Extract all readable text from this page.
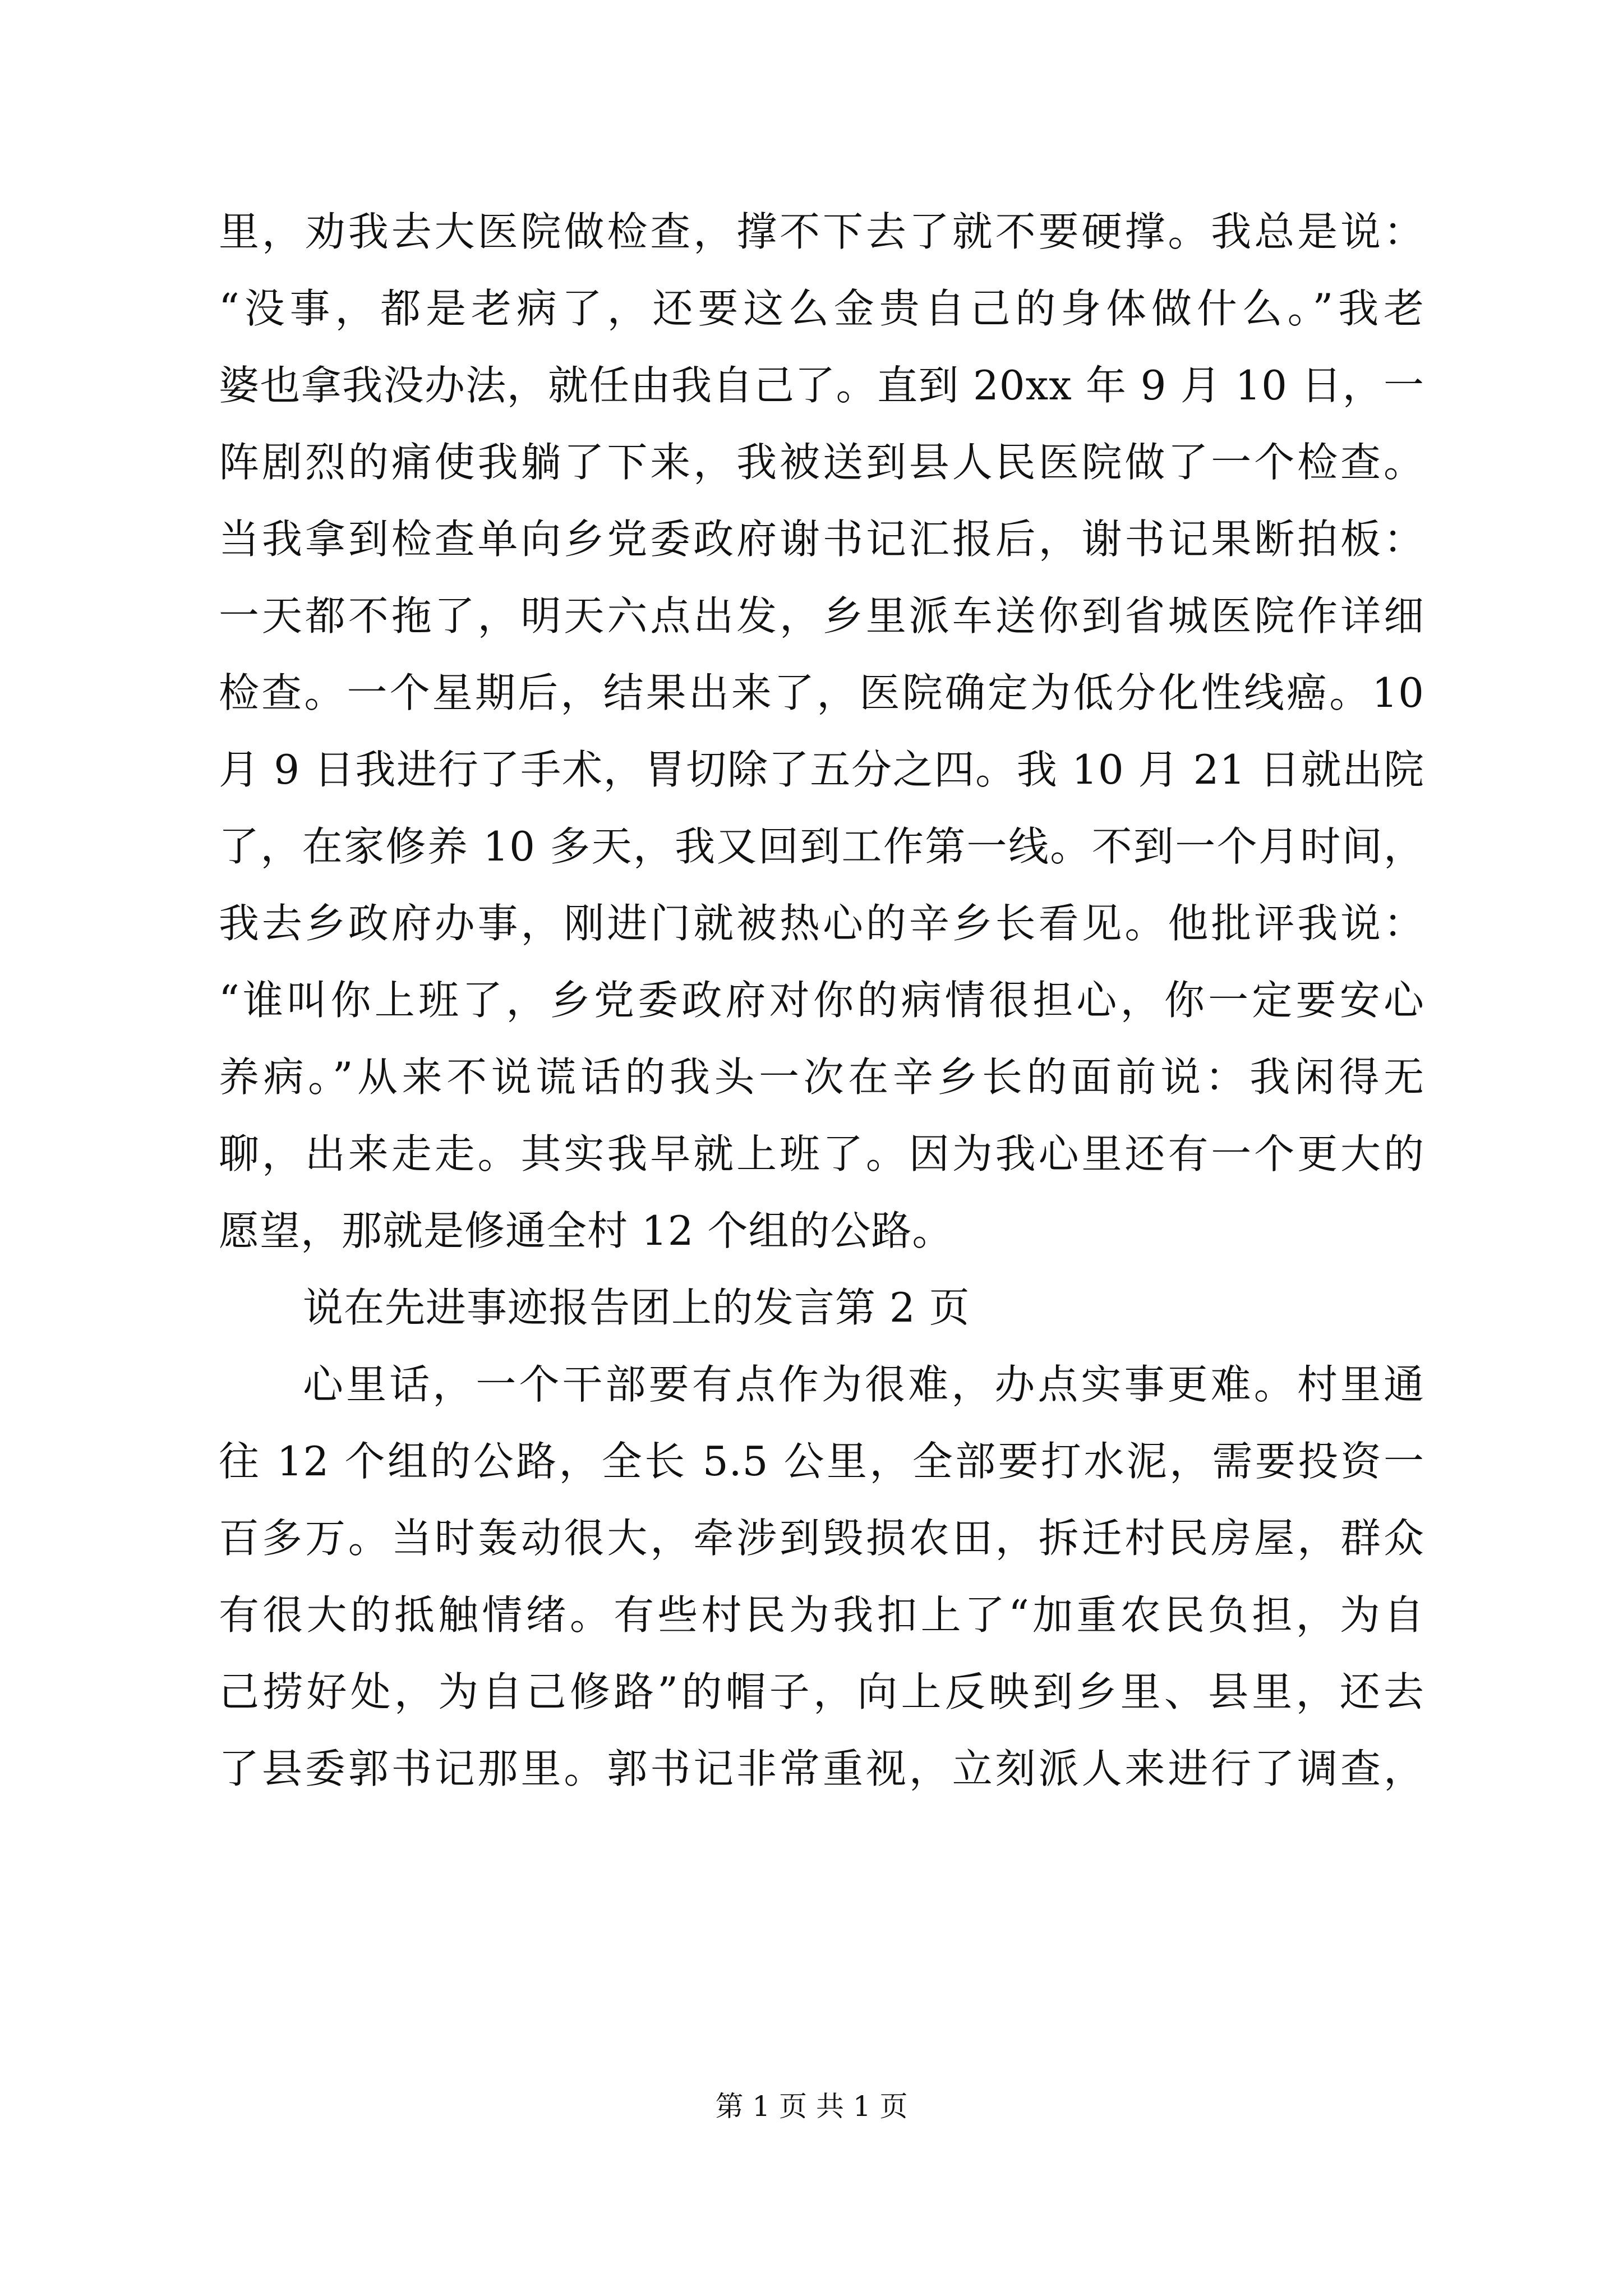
里，劝我去大医院做检查，撑不下去了就不要硬撑。我总是说：
“没事，都是老病了，还要这么金贵自己的身体做什么。”我老
婆也拿我没办法，就任由我自己了。直到 20xx 年 9 月 10 日，一
阵剧烈的痛使我躺了下来，我被送到县人民医院做了一个检查。
当我拿到检查单向乡党委政府谢书记汇报后，谢书记果断拍板：
一天都不拖了，明天六点出发，乡里派车送你到省城医院作详细
检查。一个星期后，结果出来了，医院确定为低分化性线癌。10
月 9 日我进行了手术，胃切除了五分之四。我 10 月 21 日就出院
了，在家修养 10 多天，我又回到工作第一线。不到一个月时间，
我去乡政府办事，刚进门就被热心的辛乡长看见。他批评我说：
“谁叫你上班了，乡党委政府对你的病情很担心，你一定要安心
养病。”从来不说谎话的我头一次在辛乡长的面前说：我闲得无
聊，出来走走。其实我早就上班了。因为我心里还有一个更大的
愿望，那就是修通全村 12 个组的公路。
说在先进事迹报告团上的发言第 2 页
心里话，一个干部要有点作为很难，办点实事更难。村里通
往 12 个组的公路，全长 5.5 公里，全部要打水泥，需要投资一
百多万。当时轰动很大，牵涉到毁损农田，拆迁村民房屋，群众
有很大的抵触情绪。有些村民为我扣上了“加重农民负担，为自
己捞好处，为自己修路”的帽子，向上反映到乡里、县里，还去
了县委郭书记那里。郭书记非常重视，立刻派人来进行了调查，
第 1 页 共 1 页
